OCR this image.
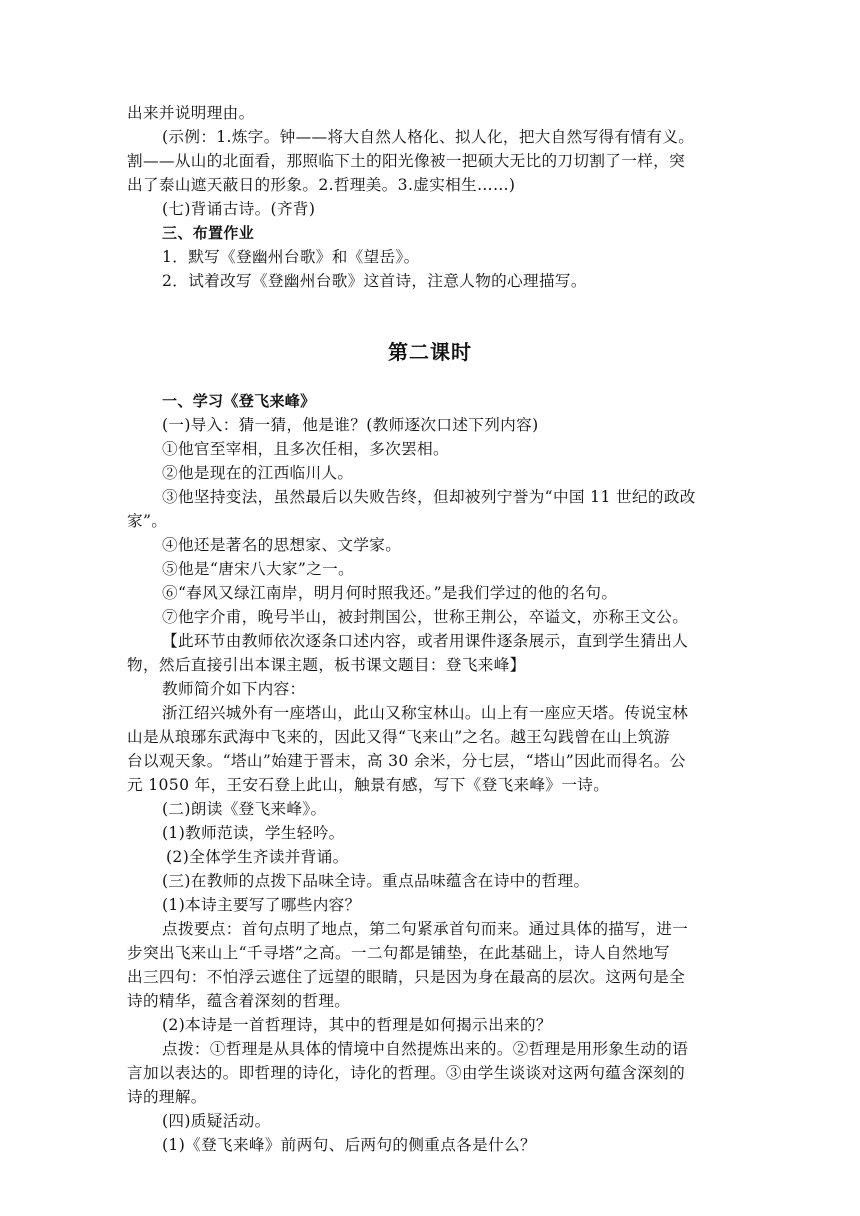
出来并说明理由。
(示例：1.炼字。钟——将大自然人格化、拟人化，把大自然写得有情有义。
割——从山的北面看，那照临下土的阳光像被一把硕大无比的刀切割了一样，突
出了泰山遮天蔽日的形象。2.哲理美。3.虚实相生……)
(七)背诵古诗。(齐背)
三、布置作业
1．默写《登幽州台歌》和《望岳》。
2．试着改写《登幽州台歌》这首诗，注意人物的心理描写。
第二课时
一、学习《登飞来峰》
(一)导入：猜一猜，他是谁？(教师逐次口述下列内容)
①他官至宰相，且多次任相，多次罢相。
②他是现在的江西临川人。
③他坚持变法，虽然最后以失败告终，但却被列宁誉为“中国 11 世纪的政改
家”。
④他还是著名的思想家、文学家。
⑤他是“唐宋八大家”之一。
⑥“春风又绿江南岸，明月何时照我还。”是我们学过的他的名句。
⑦他字介甫，晚号半山，被封荆国公，世称王荆公，卒谥文，亦称王文公。
【此环节由教师依次逐条口述内容，或者用课件逐条展示，直到学生猜出人
物，然后直接引出本课主题，板书课文题目：登飞来峰】
教师简介如下内容：
浙江绍兴城外有一座塔山，此山又称宝林山。山上有一座应天塔。传说宝林
山是从琅琊东武海中飞来的，因此又得“飞来山”之名。越王勾践曾在山上筑游
台以观天象。“塔山”始建于晋末，高 30 余米，分七层，“塔山”因此而得名。公
元 1050 年，王安石登上此山，触景有感，写下《登飞来峰》一诗。
(二)朗读《登飞来峰》。
(1)教师范读，学生轻吟。
(2)全体学生齐读并背诵。
(三)在教师的点拨下品味全诗。重点品味蕴含在诗中的哲理。
(1)本诗主要写了哪些内容？
点拨要点：首句点明了地点，第二句紧承首句而来。通过具体的描写，进一
步突出飞来山上“千寻塔”之高。一二句都是铺垫，在此基础上，诗人自然地写
出三四句：不怕浮云遮住了远望的眼睛，只是因为身在最高的层次。这两句是全
诗的精华，蕴含着深刻的哲理。
(2)本诗是一首哲理诗，其中的哲理是如何揭示出来的？
点拨：①哲理是从具体的情境中自然提炼出来的。②哲理是用形象生动的语
言加以表达的。即哲理的诗化，诗化的哲理。③由学生谈谈对这两句蕴含深刻的
诗的理解。
(四)质疑活动。
(1)《登飞来峰》前两句、后两句的侧重点各是什么？
